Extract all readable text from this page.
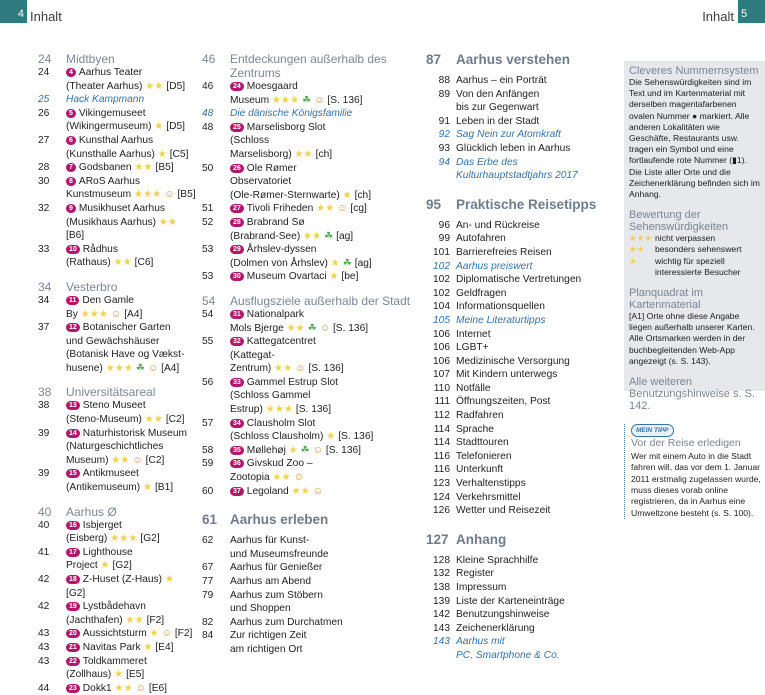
4 Inhalt	Inhalt 5
24	Midtbyen
24	4 Aarhus Teater
(Theater Aarhus) ★★ [D5]
25	Hack Kampmann
26	5 Vikingemuseet
(Wikingermuseum) ★ [D5]
27	6 Kunsthal Aarhus
(Kunsthalle Aarhus) ★ [C5]
28	7 Godsbanen ★★ [B5]
30	8 ARoS Aarhus
Kunstmuseum ★★★ ☺ [B5]
32	9 Musikhuset Aarhus
(Musikhaus Aarhus) ★★ [B6]
33	10 Rådhus
(Rathaus) ★★ [C6]
34	Vesterbro
34	11 Den Gamle
By ★★★ ☺ [A4]
37	12 Botanischer Garten
und Gewächshäuser
(Botanisk Have og Vækst-
husene) ★★★ ☘ ☺ [A4]
38	Universitätsareal
38	13 Steno Museet
(Steno-Museum) ★★ [C2]
39	14 Naturhistorisk Museum
(Naturgeschichtliches
Museum) ★★ ☺ [C2]
39	15 Antikmuseet
(Antikemuseum) ★ [B1]
40	Aarhus Ø
40	16 Isbjerget
(Eisberg) ★★★ [G2]
41	17 Lighthouse
Project ★ [G2]
42	18 Z-Huset (Z-Haus) ★ [G2]
42	19 Lystbådehavn
(Jachthafen) ★★ [F2]
43	20 Aussichtsturm ★ ☺ [F2]
43	21 Navitas Park ★ [E4]
43	22 Toldkammeret
(Zollhaus) ★ [E5]
44	23 Dokk1 ★★ ☺ [E6]
46	Entdeckungen außerhalb des Zentrums
46	24 Moesgaard
Museum ★★★ ☘ ☺ [S. 136]
48	Die dänische Königsfamilie
48	25 Marselisborg Slot
(Schloss
Marselisborg) ★★ [ch]
50	26 Ole Rømer
Observatoriet
(Ole-Rømer-Sternwarte) ★ [ch]
51	27 Tivoli Friheden ★★ ☺ [cg]
52	28 Brabrand Sø
(Brabrand-See) ★★ ☘ [ag]
53	29 Århslev-dyssen
(Dolmen von Århslev) ★ ☘ [ag]
53	30 Museum Ovartaci ★ [be]
54	Ausflugsziele außerhalb der Stadt
54	31 Nationalpark
Mols Bjerge ★★ ☘ ☺ [S. 136]
55	32 Kattegatcentret
(Kattegat-
Zentrum) ★★ ☺ [S. 136]
56	33 Gammel Estrup Slot
(Schloss Gammel
Estrup) ★★★ [S. 136]
57	34 Clausholm Slot
(Schloss Clausholm) ★ [S. 136]
58	35 Møllehøj ★ ☘ ☺ [S. 136]
59	36 Givskud Zoo –
Zootopia ★★ ☺
60	37 Legoland ★★ ☺
61 Aarhus erleben
62	Aarhus für Kunst-
und Museumsfreunde
67	Aarhus für Genießer
77	Aarhus am Abend
79	Aarhus zum Stöbern
und Shoppen
82	Aarhus zum Durchatmen
84	Zur richtigen Zeit
am richtigen Ort
87	Aarhus verstehen
88 Aarhus – ein Porträt
89 Von den Anfängen
bis zur Gegenwart
91 Leben in der Stadt
92 Sag Nein zur Atomkraft
93 Glücklich leben in Aarhus
94 Das Erbe des
Kulturhauptstadtjahrs 2017
95	Praktische Reisetipps
96 An- und Rückreise
99 Autofahren
101 Barrierefreies Reisen
102 Aarhus preiswert
102 Diplomatische Vertretungen
102 Geldfragen
104 Informationsquellen
105 Meine Literaturtipps
106 Internet
106 LGBT+
106 Medizinische Versorgung
107 Mit Kindern unterwegs
110 Notfälle
111 Öffnungszeiten, Post
112 Radfahren
114 Sprache
114 Stadttouren
116 Telefonieren
116 Unterkunft
123 Verhaltenstipps
124 Verkehrsmittel
126 Wetter und Reisezeit
127 Anhang
128 Kleine Sprachhilfe
132 Register
138 Impressum
139 Liste der Karteneinträge
142 Benutzungshinweise
143 Zeichenerklärung
143 Aarhus mit
PC, Smartphone & Co.
Cleveres Nummernsystem

Die Sehenswürdigkeiten sind im Text und im Kartenmaterial mit derselben magentafarbenen ovalen Nummer ● markiert. Alle anderen Lokalitäten wie Geschäfte, Restaurants usw. tragen ein Symbol und eine fortlaufende rote Nummer (▮1). Die Liste aller Orte und die Zeichenerklärung befinden sich im Anhang.

Bewertung der Sehenswürdigkeiten
★★★ nicht verpassen
★★	besonders sehenswert
★	wichtig für speziell interessierte Besucher
Planquadrat im Kartenmaterial

[A1] Orte ohne diese Angabe liegen außerhalb unserer Karten. Alle Ortsmarken werden in der buchbegleitenden Web-App angezeigt (s. S. 143).

Alle weiteren Benutzungshinweise s. S. 142.
MEIN TIPP
Vor der Reise erledigen

Wer mit einem Auto in die Stadt fahren will, das vor dem 1. Januar 2011 erstmalig zugelassen wurde, muss dieses vorab online registrieren, da in Aarhus eine Umweltzone besteht (s. S. 100).
